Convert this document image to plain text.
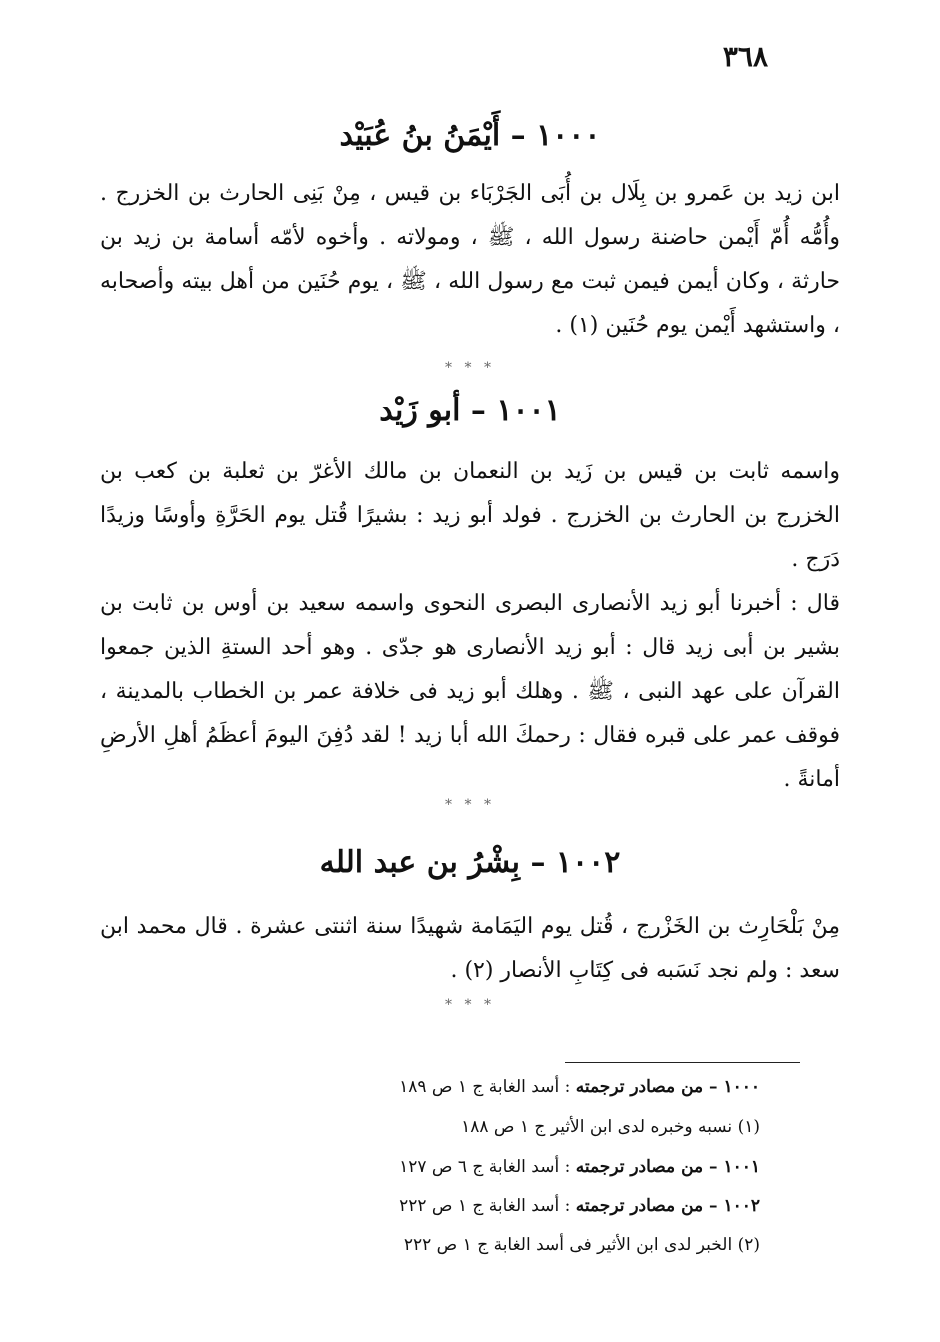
٣٦٨
١٠٠٠ – أَيْمَنُ بنُ عُبَيْد
ابن زيد بن عَمرو بن بِلَال بن أُبَى الجَرْبَاء بن قيس ، مِنْ بَنِى الحارث بن الخزرج . وأُمُّه أُمّ أَيْمن حاضنة رسول الله ، ﷺ ، ومولاته . وأخوه لأمّه أسامة بن زيد بن حارثة ، وكان أيمن فيمن ثبت مع رسول الله ، ﷺ ، يوم حُنَين من أهل بيته وأصحابه ، واستشهد أَيْمن يوم حُنَين (١) .
* * *
١٠٠١ – أبو زَيْد
واسمه ثابت بن قيس بن زَيد بن النعمان بن مالك الأغرّ بن ثعلبة بن كعب بن الخزرج بن الحارث بن الخزرج . فولد أبو زيد : بشيرًا قُتل يوم الحَرَّةِ وأوسًا وزيدًا دَرَج .
قال : أخبرنا أبو زيد الأنصارى البصرى النحوى واسمه سعيد بن أوس بن ثابت بن بشير بن أبى زيد قال : أبو زيد الأنصارى هو جدّى . وهو أحد الستةِ الذين جمعوا القرآن على عهد النبى ، ﷺ . وهلك أبو زيد فى خلافة عمر بن الخطاب بالمدينة ، فوقف عمر على قبره فقال : رحمكَ الله أبا زيد ! لقد دُفِنَ اليومَ أعظَمُ أهلِ الأرضِ أمانةً .
* * *
١٠٠٢ – بِشْرُ بن عبد الله
مِنْ بَلْحَارِث بن الخَزْرج ، قُتل يوم اليَمَامة شهيدًا سنة اثنتى عشرة . قال محمد ابن سعد : ولم نجد نَسَبه فى كِتَابِ الأنصار (٢) .
* * *
١٠٠٠ – من مصادر ترجمته : أسد الغابة ج ١ ص ١٨٩
(١) نسبه وخبره لدى ابن الأثير ج ١ ص ١٨٨
١٠٠١ – من مصادر ترجمته : أسد الغابة ج ٦ ص ١٢٧
١٠٠٢ – من مصادر ترجمته : أسد الغابة ج ١ ص ٢٢٢
(٢) الخبر لدى ابن الأثير فى أسد الغابة ج ١ ص ٢٢٢
